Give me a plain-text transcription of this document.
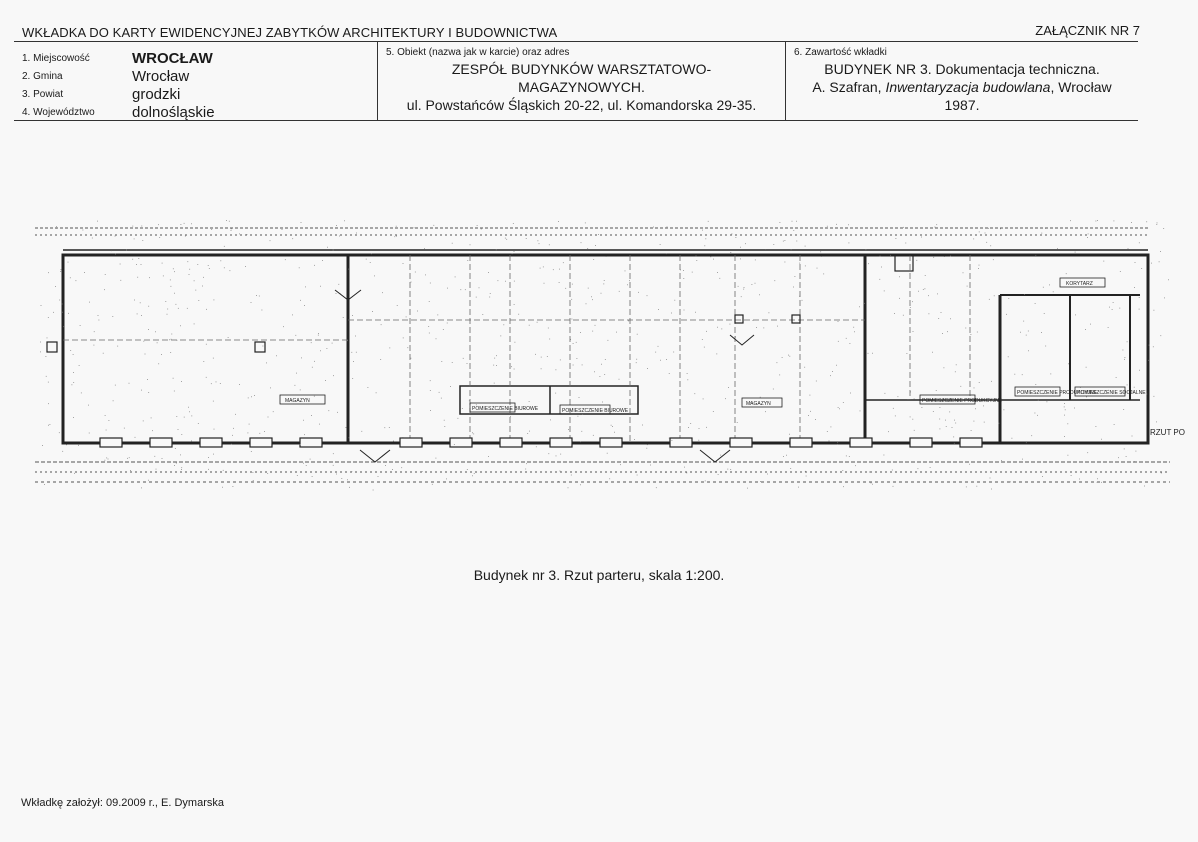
WKŁADKA DO KARTY EWIDENCYJNEJ ZABYTKÓW ARCHITEKTURY I BUDOWNICTWA	ZAŁĄCZNIK NR 7
1. Miejscowość	WROCŁAW
2. Gmina	Wrocław
3. Powiat	grodzki
4. Województwo	dolnośląskie
5. Obiekt (nazwa jak w karcie) oraz adres
ZESPÓŁ BUDYNKÓW WARSZTATOWO-
MAGAZYNOWYCH.
ul. Powstańców Śląskich 20-22, ul. Komandorska 29-35.
6. Zawartość wkładki
BUDYNEK NR 3. Dokumentacja techniczna.
A. Szafran, Inwentaryzacja budowlana, Wrocław
1987.
MAGAZYN
POMIESZCZENIE BIUROWE	POMIESZCZENIE BIUROWE
MAGAZYN	POMIESZCZENIE PRODUKCYJNE
KORYTARZ
POMIESZCZENIE PRODUKCYJNE
POMIESZCZENIE SOCJALNE
RZUT PO
Budynek nr 3. Rzut parteru, skala 1:200.
Wkładkę założył: 09.2009 r., E. Dymarska
